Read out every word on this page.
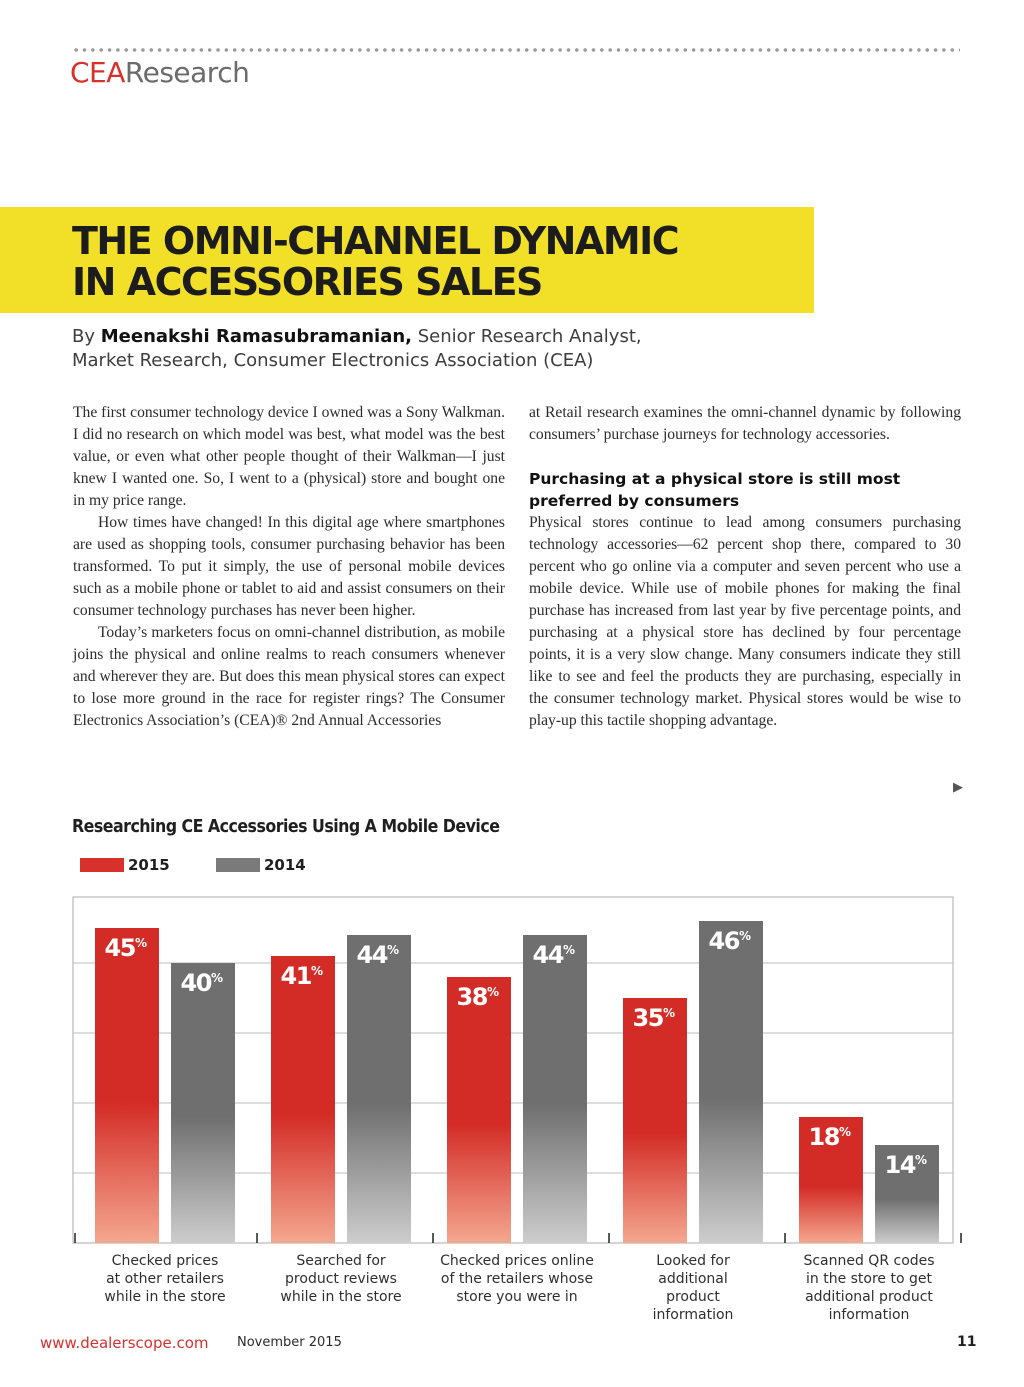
CEAResearch
THE OMNI-CHANNEL DYNAMIC
IN ACCESSORIES SALES
By Meenakshi Ramasubramanian, Senior Research Analyst,
Market Research, Consumer Electronics Association (CEA)

The first consumer technology device I owned was a Sony Walkman. I did no research on which model was best, what model was the best value, or even what other people thought of their Walkman—I just knew I wanted one. So, I went to a (physical) store and bought one in my price range.

How times have changed! In this digital age where smartphones are used as shopping tools, consumer purchasing behavior has been transformed. To put it simply, the use of personal mobile devices such as a mobile phone or tablet to aid and assist consumers on their consumer technology purchases has never been higher.

Today’s marketers focus on omni-channel distribution, as mobile joins the physical and online realms to reach consumers whenever and wherever they are. But does this mean physical stores can expect to lose more ground in the race for register rings? The Consumer Electronics Association’s (CEA)® 2nd Annual Accessories

at Retail research examines the omni-channel dynamic by following consumers’ purchase journeys for technology accessories.

Purchasing at a physical store is still most preferred by consumers

Physical stores continue to lead among consumers purchasing technology accessories—62 percent shop there, compared to 30 percent who go online via a computer and seven percent who use a mobile device. While use of mobile phones for making the final purchase has increased from last year by five percentage points, and purchasing at a physical store has declined by four percentage points, it is a very slow change. Many consumers indicate they still like to see and feel the products they are purchasing, especially in the consumer technology market. Physical stores would be wise to play-up this tactile shopping advantage.

▶
Researching CE Accessories Using A Mobile Device
2015	2014
45%
40% 41%
44%
38%
44%
35%
46%
18%
14%
Checked prices
at other retailers
while in the store
Searched for
product reviews
while in the store
Checked prices online
of the retailers whose
store you were in
Looked for
additional
product
information
Scanned QR codes
in the store to get
additional product
information
www.dealerscope.com November 2015	11
